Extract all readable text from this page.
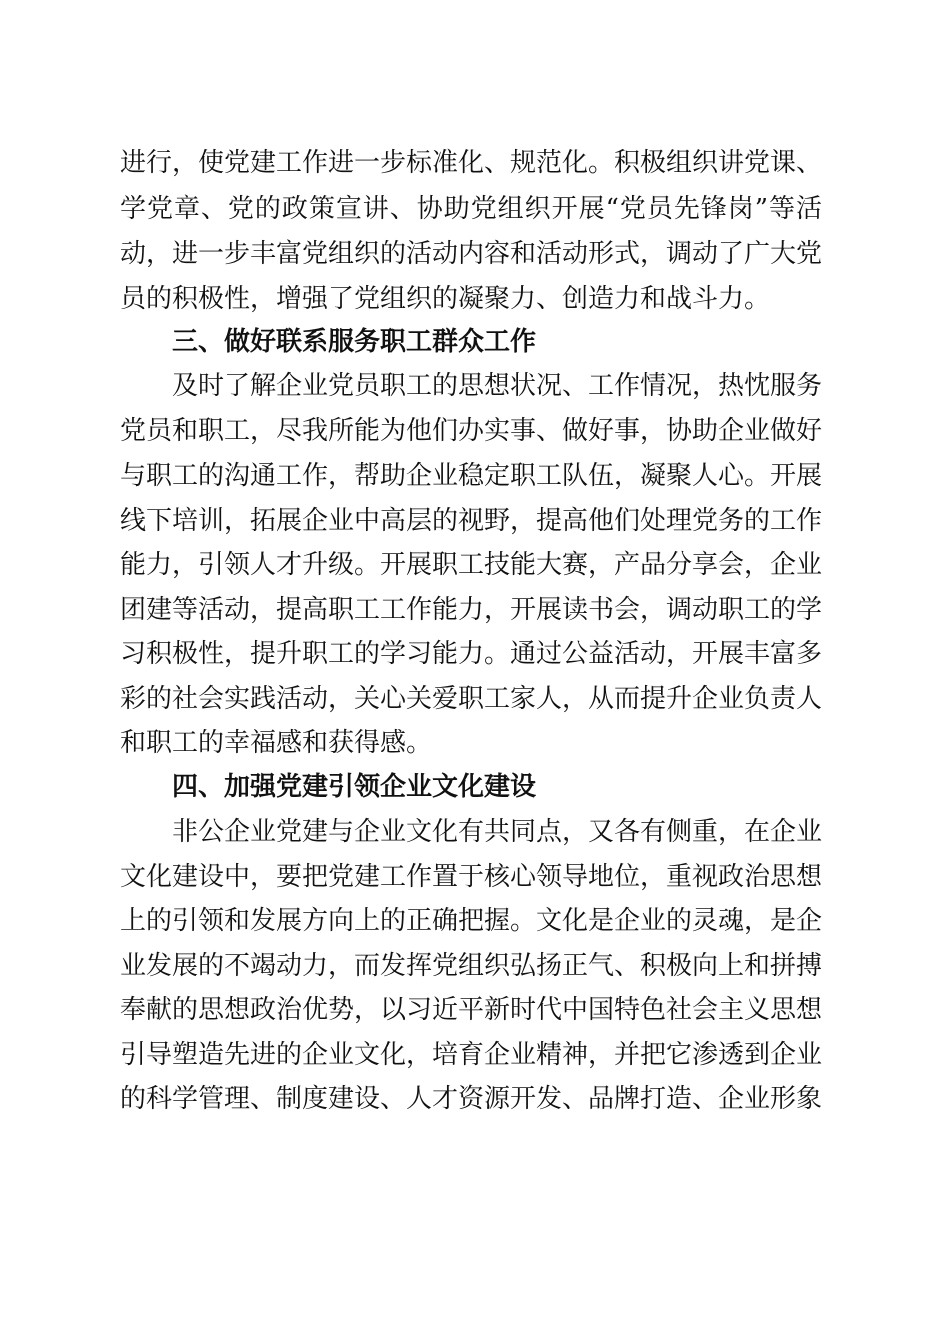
进行，使党建工作进一步标准化、规范化。积极组织讲党课、
学党章、党的政策宣讲、协助党组织开展“党员先锋岗”等活
动，进一步丰富党组织的活动内容和活动形式，调动了广大党
员的积极性，增强了党组织的凝聚力、创造力和战斗力。
三、做好联系服务职工群众工作
及时了解企业党员职工的思想状况、工作情况，热忱服务
党员和职工，尽我所能为他们办实事、做好事，协助企业做好
与职工的沟通工作，帮助企业稳定职工队伍，凝聚人心。开展
线下培训，拓展企业中高层的视野，提高他们处理党务的工作
能力，引领人才升级。开展职工技能大赛，产品分享会，企业
团建等活动，提高职工工作能力，开展读书会，调动职工的学
习积极性，提升职工的学习能力。通过公益活动，开展丰富多
彩的社会实践活动，关心关爱职工家人，从而提升企业负责人
和职工的幸福感和获得感。
四、加强党建引领企业文化建设
非公企业党建与企业文化有共同点，又各有侧重，在企业
文化建设中，要把党建工作置于核心领导地位，重视政治思想
上的引领和发展方向上的正确把握。文化是企业的灵魂，是企
业发展的不竭动力，而发挥党组织弘扬正气、积极向上和拼搏
奉献的思想政治优势，以习近平新时代中国特色社会主义思想
引导塑造先进的企业文化，培育企业精神，并把它渗透到企业
的科学管理、制度建设、人才资源开发、品牌打造、企业形象
